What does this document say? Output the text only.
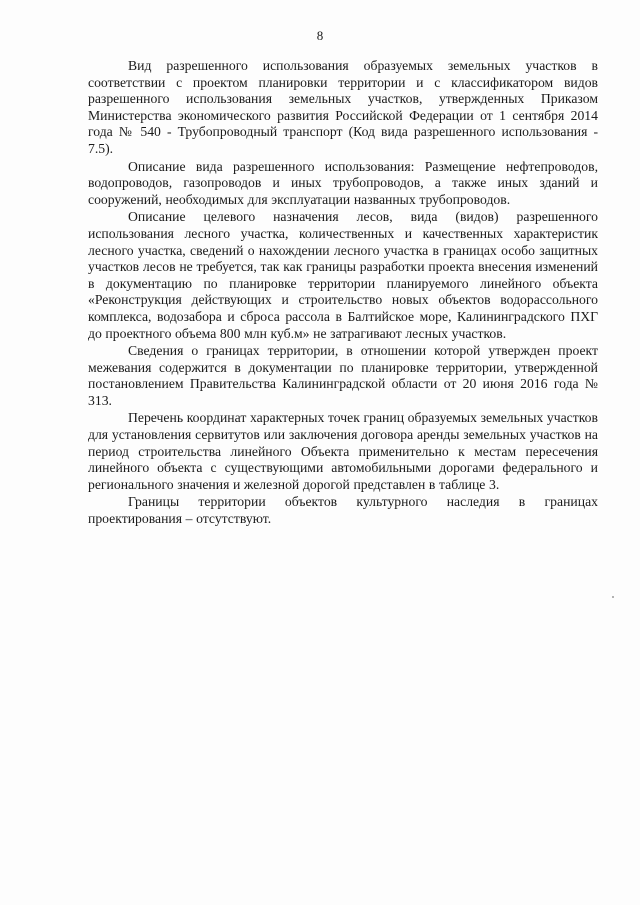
8

Вид разрешенного использования образуемых земельных участков в соответствии с проектом планировки территории и с классификатором видов разрешенного использования земельных участков, утвержденных Приказом Министерства экономического развития Российской Федерации от 1 сентября 2014 года № 540 - Трубопроводный транспорт (Код вида разрешенного использования - 7.5).

Описание вида разрешенного использования: Размещение нефтепроводов, водопроводов, газопроводов и иных трубопроводов, а также иных зданий и сооружений, необходимых для эксплуатации названных трубопроводов.

Описание целевого назначения лесов, вида (видов) разрешенного использования лесного участка, количественных и качественных характеристик лесного участка, сведений о нахождении лесного участка в границах особо защитных участков лесов не требуется, так как границы разработки проекта внесения изменений в документацию по планировке территории планируемого линейного объекта «Реконструкция действующих и строительство новых объектов водорассольного комплекса, водозабора и сброса рассола в Балтийское море, Калининградского ПХГ до проектного объема 800 млн куб.м» не затрагивают лесных участков.

Сведения о границах территории, в отношении которой утвержден проект межевания содержится в документации по планировке территории, утвержденной постановлением Правительства Калининградской области от 20 июня 2016 года № 313.

Перечень координат характерных точек границ образуемых земельных участков для установления сервитутов или заключения договора аренды земельных участков на период строительства линейного Объекта применительно к местам пересечения линейного объекта с существующими автомобильными дорогами федерального и регионального значения и железной дорогой представлен в таблице 3.

Границы территории объектов культурного наследия в границах проектирования – отсутствуют.
